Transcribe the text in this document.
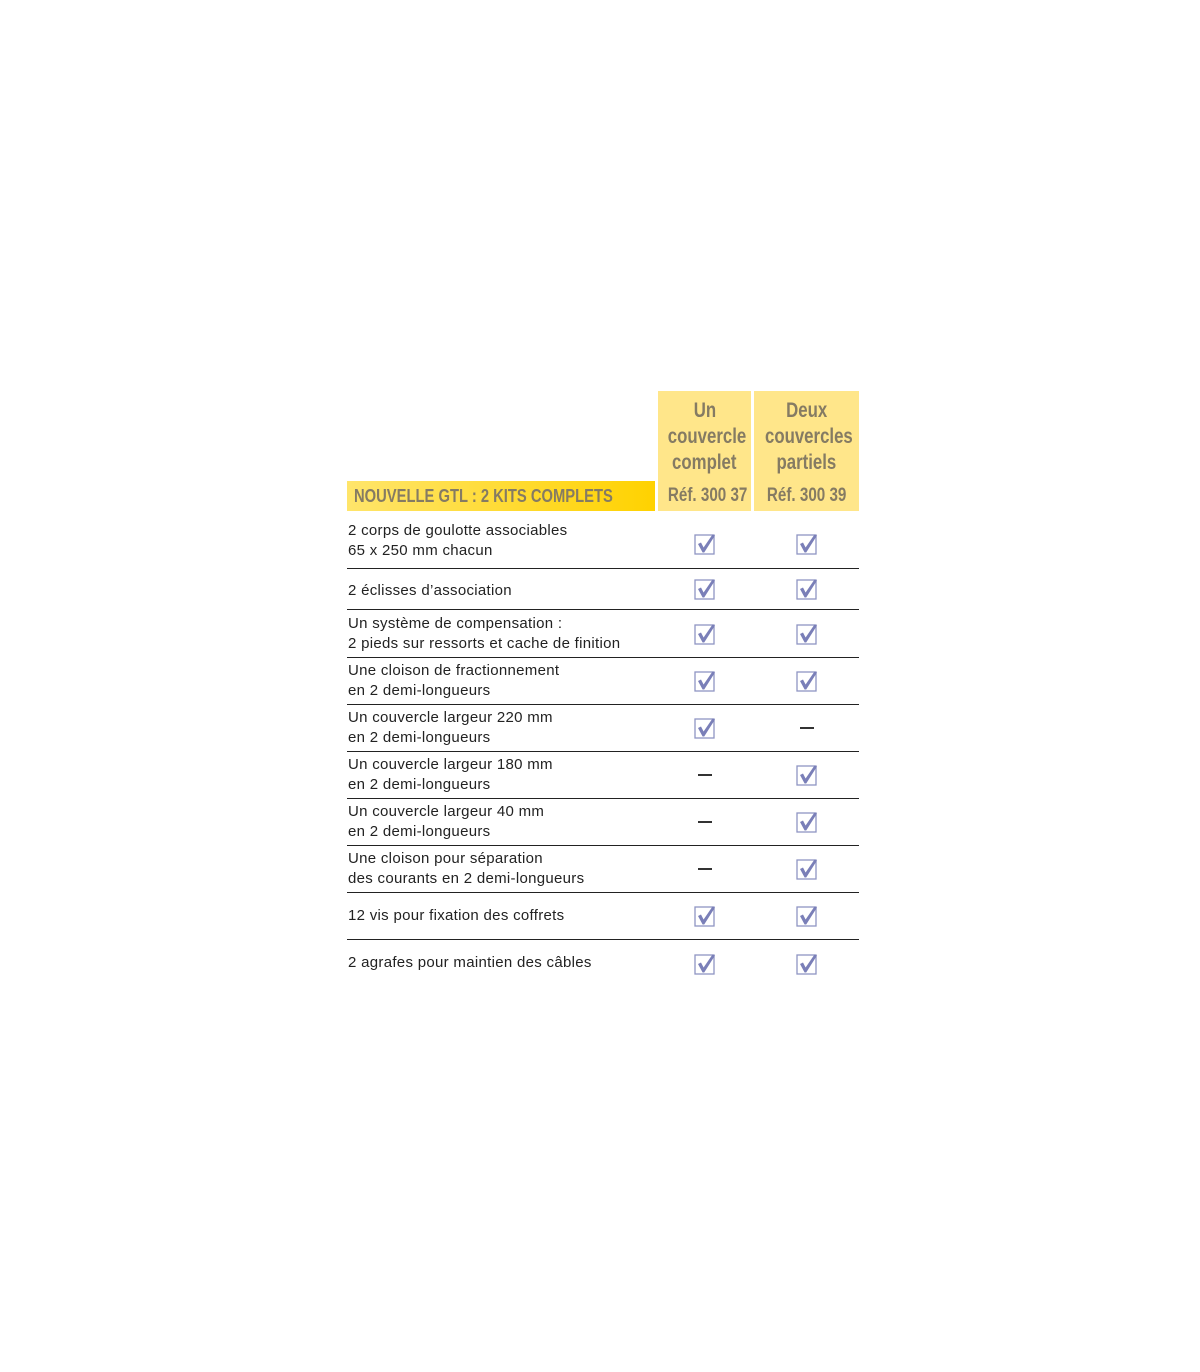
NOUVELLE GTL : 2 KITS COMPLETS
Un
couvercle
complet
Réf. 300 37
Deux
couvercles
partiels
Réf. 300 39
2 corps de goulotte associables
65 x 250 mm chacun
2 éclisses d’association
Un système de compensation :
2 pieds sur ressorts et cache de finition
Une cloison de fractionnement
en 2 demi-longueurs
Un couvercle largeur 220 mm
en 2 demi-longueurs
Un couvercle largeur 180 mm
en 2 demi-longueurs
Un couvercle largeur 40 mm
en 2 demi-longueurs
Une cloison pour séparation
des courants en 2 demi-longueurs
12 vis pour fixation des coffrets
2 agrafes pour maintien des câbles
